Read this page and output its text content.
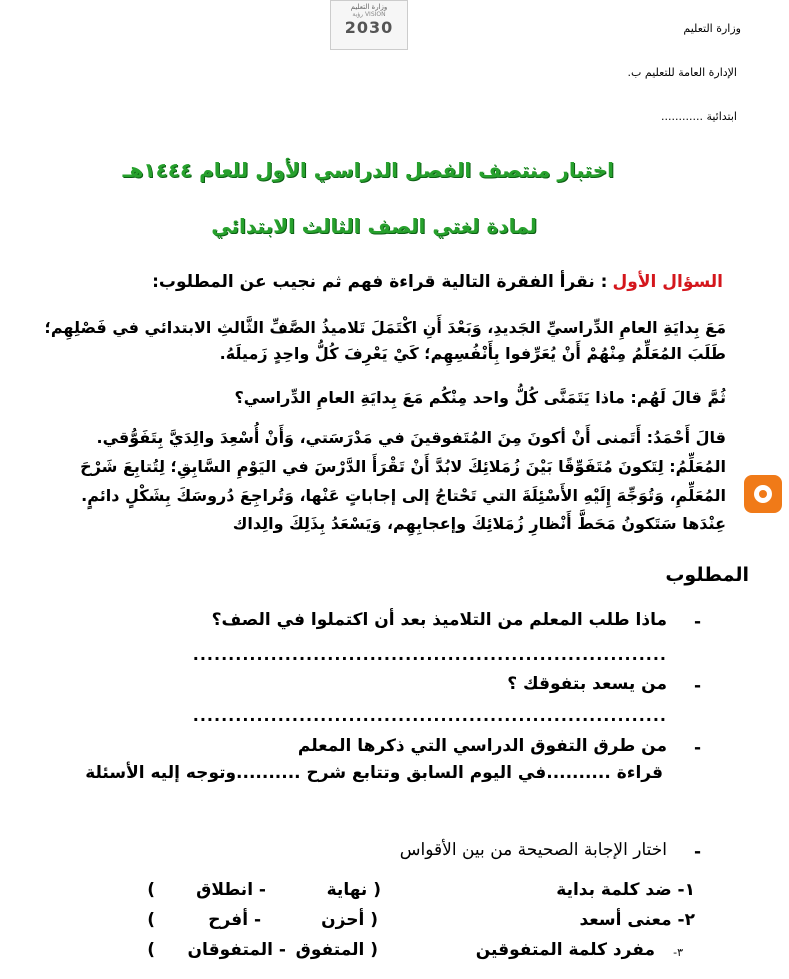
وزارة التعليم
VISION رؤية
2030	وزارة التعليم
الإدارة العامة للتعليم ب.
ابتدائية ............
اختبار منتصف الفصل الدراسي الأول للعام ١٤٤٤هـ
لمادة لغتي الصف الثالث الابتدائي
السؤال الأول : نقرأ الفقرة التالية قراءة فهم ثم نجيب عن المطلوب:
مَعَ بِدايَةِ العامِ الدِّراسيِّ الجَديدِ، وَبَعْدَ أَنِ اكْتَمَلَ تَلاميذُ الصَّفِّ الثَّالثِ الابتدائي في فَصْلِهِم؛
طَلَبَ المُعَلِّمُ مِنْهُمْ أَنْ يُعَرِّفوا بِأَنْفُسِهِم؛ كَيْ يَعْرِفَ كُلُّ واحِدٍ زَميلَهُ.
ثُمَّ قالَ لَهُم: ماذا يَتَمَنَّى كُلُّ واحد مِنْكُم مَعَ بِدايَةِ العامِ الدِّراسي؟
قالَ أَحْمَدُ: أَتَمنى أَنْ أكونَ مِنَ المُتَفوقينَ في مَدْرَسَتي، وَأَنْ أُسْعِدَ والِدَيَّ بِتَفَوُّقي.
المُعَلِّمُ: لِتَكونَ مُتَفَوِّقًا بَيْنَ زُمَلائِكَ لابُدَّ أَنْ تَقْرَأَ الدَّرْسَ في اليَوْمِ السَّابِقِ؛ لِتُتابِعَ شَرْحَ
المُعَلِّمِ، وَتُوَجِّهَ إِلَيْهِ الأَسْئِلَةَ التي تَحْتاجُ إلى إجاباتٍ عَنْها، وَتُراجِعَ دُروسَكَ بِشَكْلٍ دائمٍ.
عِنْدَها سَتَكونُ مَحَطَّ أَنْظارِ زُمَلائِكَ وإعجابِهِم، وَيَسْعَدُ بِذَلِكَ والِداك
المطلوب
-
ماذا طلب المعلم من التلاميذ بعد أن اكتملوا في الصف؟
...................................................................
-
من يسعد بتفوقك ؟
...................................................................
-
من طرق التفوق الدراسي التي ذكرها المعلم
قراءة ..........في اليوم السابق وتتابع شرح ..........وتوجه إليه الأسئلة
-
اختار الإجابة الصحيحة من بين الأقواس
١- ضد كلمة بداية
( نهاية
- انطلاق
)
٢- معنى أسعد
( أحزن
- أفرح
)
٣-
مفرد كلمة المتفوقين
( المتفوق
- المتفوقان
)
